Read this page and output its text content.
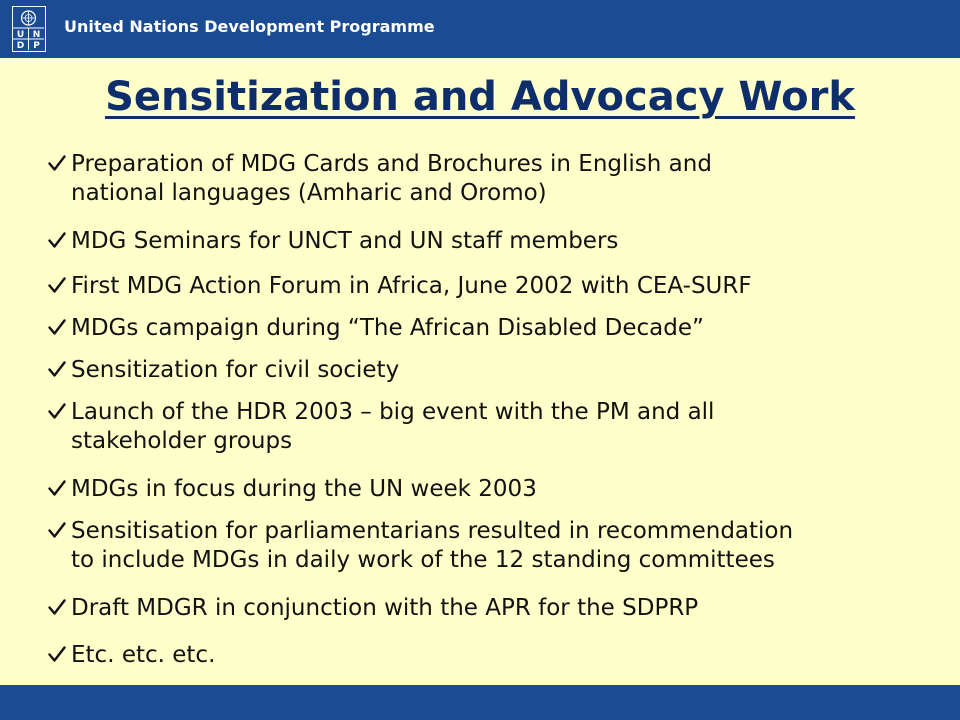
U N
D P
United Nations Development Programme
Sensitization and Advocacy Work
Preparation of MDG Cards and Brochures in English and
national languages (Amharic and Oromo)
MDG Seminars for UNCT and UN staff members
First MDG Action Forum in Africa, June 2002 with CEA-SURF
MDGs campaign during “The African Disabled Decade”
Sensitization for civil society
Launch of the HDR 2003 – big event with the PM and all
stakeholder groups
MDGs in focus during the UN week 2003
Sensitisation for parliamentarians resulted in recommendation
to include MDGs in daily work of the 12 standing committees
Draft MDGR in conjunction with the APR for the SDPRP
Etc. etc. etc.
